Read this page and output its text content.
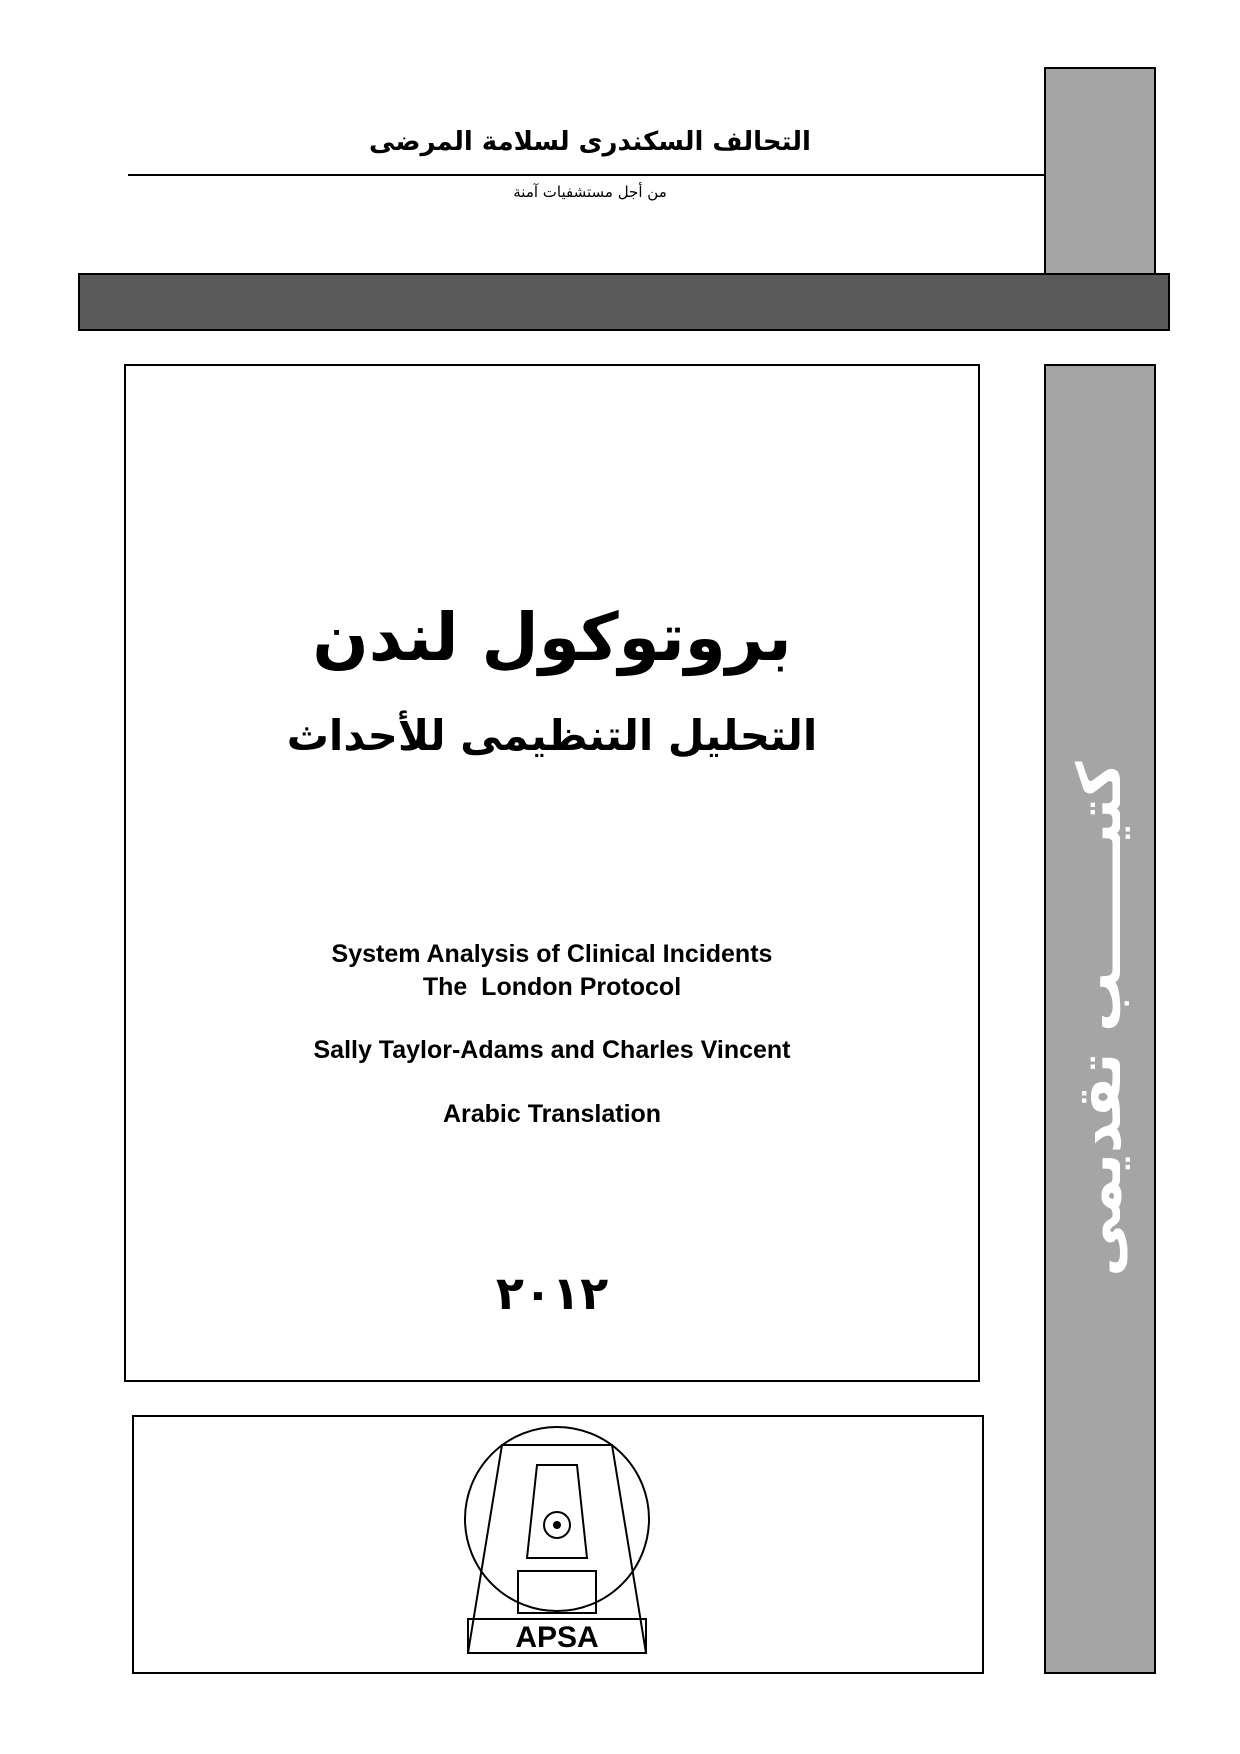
التحالف السكندرى لسلامة المرضى
من أجل مستشفيات آمنة
بروتوكول لندن
التحليل التنظيمى للأحداث
System Analysis of Clinical Incidents
The  London Protocol
Sally Taylor-Adams and Charles Vincent
Arabic Translation
٢٠١٢
كتيــــــب تقديمى
APSA
